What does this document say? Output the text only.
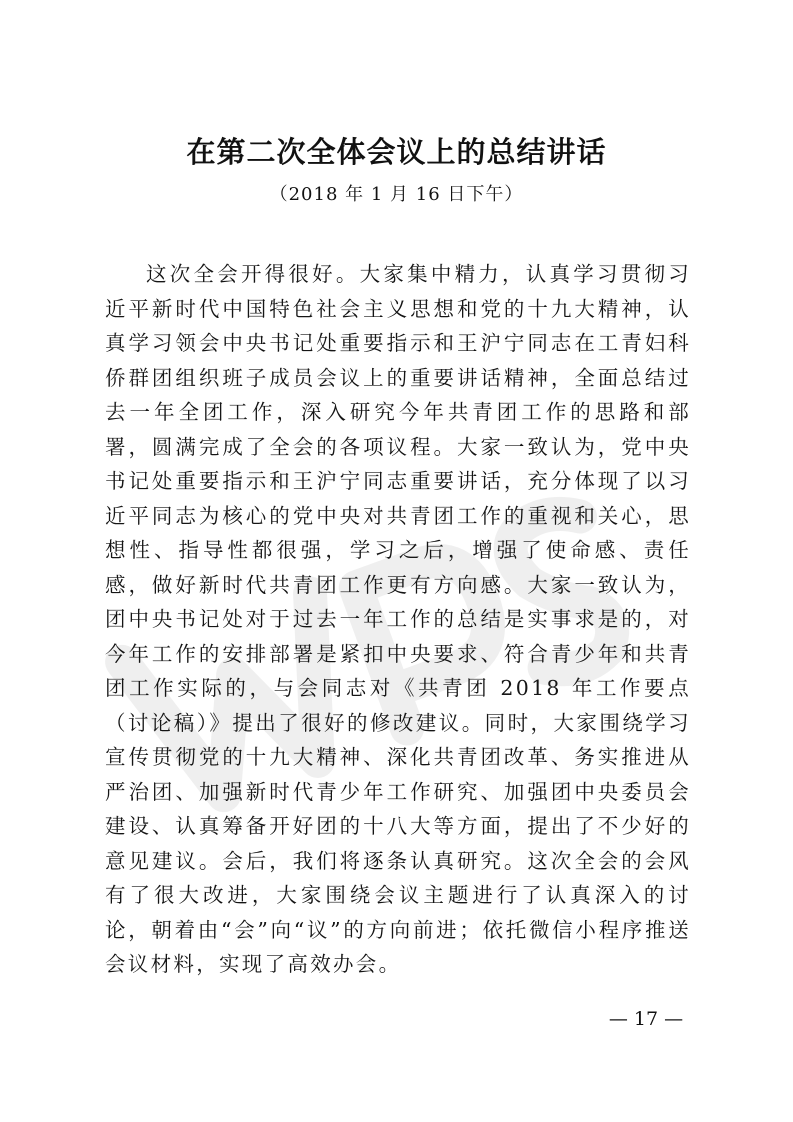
在第二次全体会议上的总结讲话
（2018 年 1 月 16 日下午）

这次全会开得很好。大家集中精力，认真学习贯彻习近平新时代中国特色社会主义思想和党的十九大精神，认真学习领会中央书记处重要指示和王沪宁同志在工青妇科侨群团组织班子成员会议上的重要讲话精神，全面总结过去一年全团工作，深入研究今年共青团工作的思路和部署，圆满完成了全会的各项议程。大家一致认为，党中央书记处重要指示和王沪宁同志重要讲话，充分体现了以习近平同志为核心的党中央对共青团工作的重视和关心，思想性、指导性都很强，学习之后，增强了使命感、责任感，做好新时代共青团工作更有方向感。大家一致认为，团中央书记处对于过去一年工作的总结是实事求是的，对今年工作的安排部署是紧扣中央要求、符合青少年和共青团工作实际的，与会同志对《共青团 2018 年工作要点（讨论稿）》提出了很好的修改建议。同时，大家围绕学习宣传贯彻党的十九大精神、深化共青团改革、务实推进从严治团、加强新时代青少年工作研究、加强团中央委员会建设、认真筹备开好团的十八大等方面，提出了不少好的意见建议。会后，我们将逐条认真研究。这次全会的会风有了很大改进，大家围绕会议主题进行了认真深入的讨论，朝着由“会”向“议”的方向前进；依托微信小程序推送会议材料，实现了高效办会。

— 17 —
